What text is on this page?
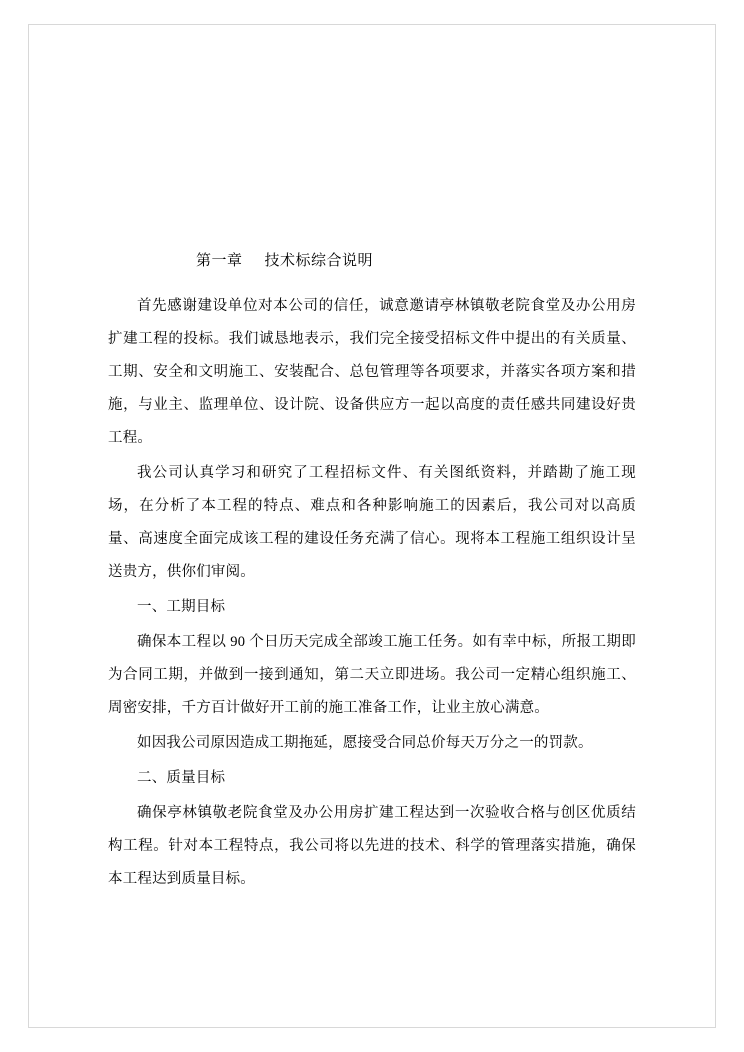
第一章 技术标综合说明

首先感谢建设单位对本公司的信任，诚意邀请亭林镇敬老院食堂及办公用房扩建工程的投标。我们诚恳地表示，我们完全接受招标文件中提出的有关质量、工期、安全和文明施工、安装配合、总包管理等各项要求，并落实各项方案和措施，与业主、监理单位、设计院、设备供应方一起以高度的责任感共同建设好贵工程。

我公司认真学习和研究了工程招标文件、有关图纸资料，并踏勘了施工现场，在分析了本工程的特点、难点和各种影响施工的因素后，我公司对以高质量、高速度全面完成该工程的建设任务充满了信心。现将本工程施工组织设计呈送贵方，供你们审阅。

一、工期目标

确保本工程以 90 个日历天完成全部竣工施工任务。如有幸中标，所报工期即为合同工期，并做到一接到通知，第二天立即进场。我公司一定精心组织施工、周密安排，千方百计做好开工前的施工准备工作，让业主放心满意。

如因我公司原因造成工期拖延，愿接受合同总价每天万分之一的罚款。

二、质量目标

确保亭林镇敬老院食堂及办公用房扩建工程达到一次验收合格与创区优质结构工程。针对本工程特点，我公司将以先进的技术、科学的管理落实措施，确保本工程达到质量目标。
